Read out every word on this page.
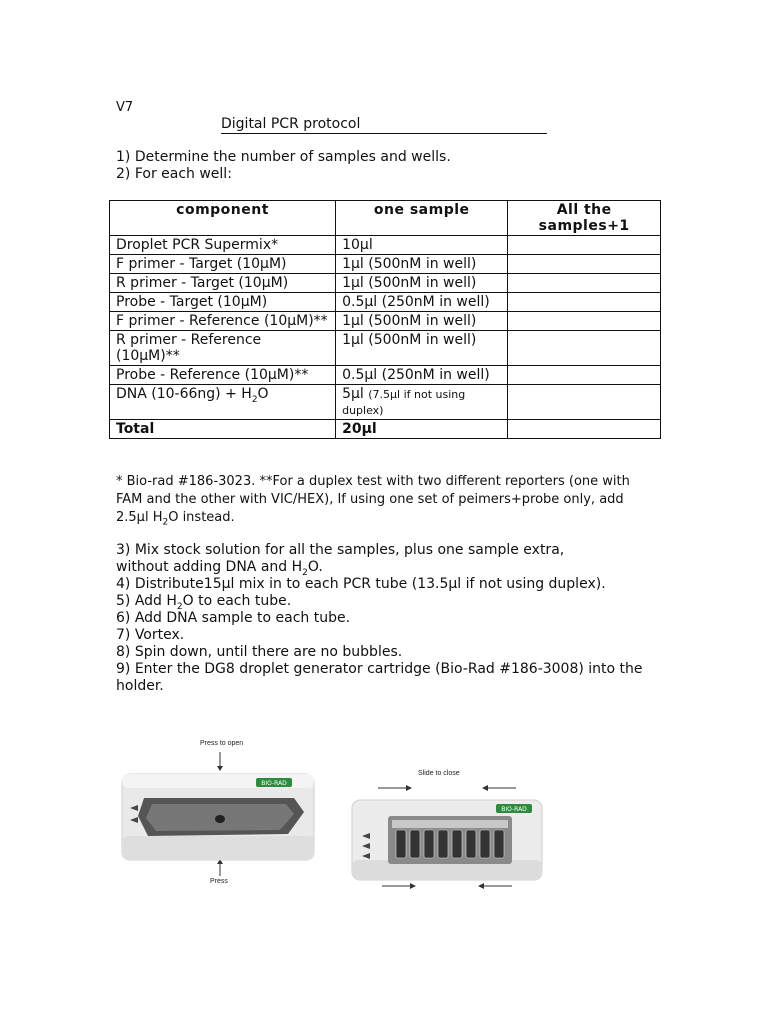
V7
Digital PCR protocol
1) Determine the number of samples and wells.
2) For each well:
component	one sample	All the samples+1
Droplet PCR Supermix*	10µl	
F primer - Target (10µM)	1µl (500nM in well)	
R primer - Target (10µM)	1µl (500nM in well)	
Probe - Target (10µM)	0.5µl (250nM in well)	
F primer - Reference (10µM)**	1µl (500nM in well)	
R primer - Reference (10µM)**	1µl (500nM in well)	
Probe - Reference (10µM)**	0.5µl (250nM in well)	
DNA $(10-66ng) + H_2O$	5µl (7.5µl if not using duplex)	
Total	20µl	
* Bio-rad #186-3023. **For a duplex test with two different reporters (one with FAM and the other with VIC/HEX), If using one set of peimers+probe only, add 2.5µl $H_2O$ instead.
3) Mix stock solution for all the samples, plus one sample extra,
without adding DNA and $H_2O$.
4) Distribute15µl mix in to each PCR tube (13.5µl if not using duplex).
5) Add $H_2O$ to each tube.
6) Add DNA sample to each tube.
7) Vortex.
8) Spin down, until there are no bubbles.
9) Enter the DG8 droplet generator cartridge (Bio-Rad #186-3008) into the holder.
Press to open
Press
BIO-RAD
Slide to close
BIO-RAD
